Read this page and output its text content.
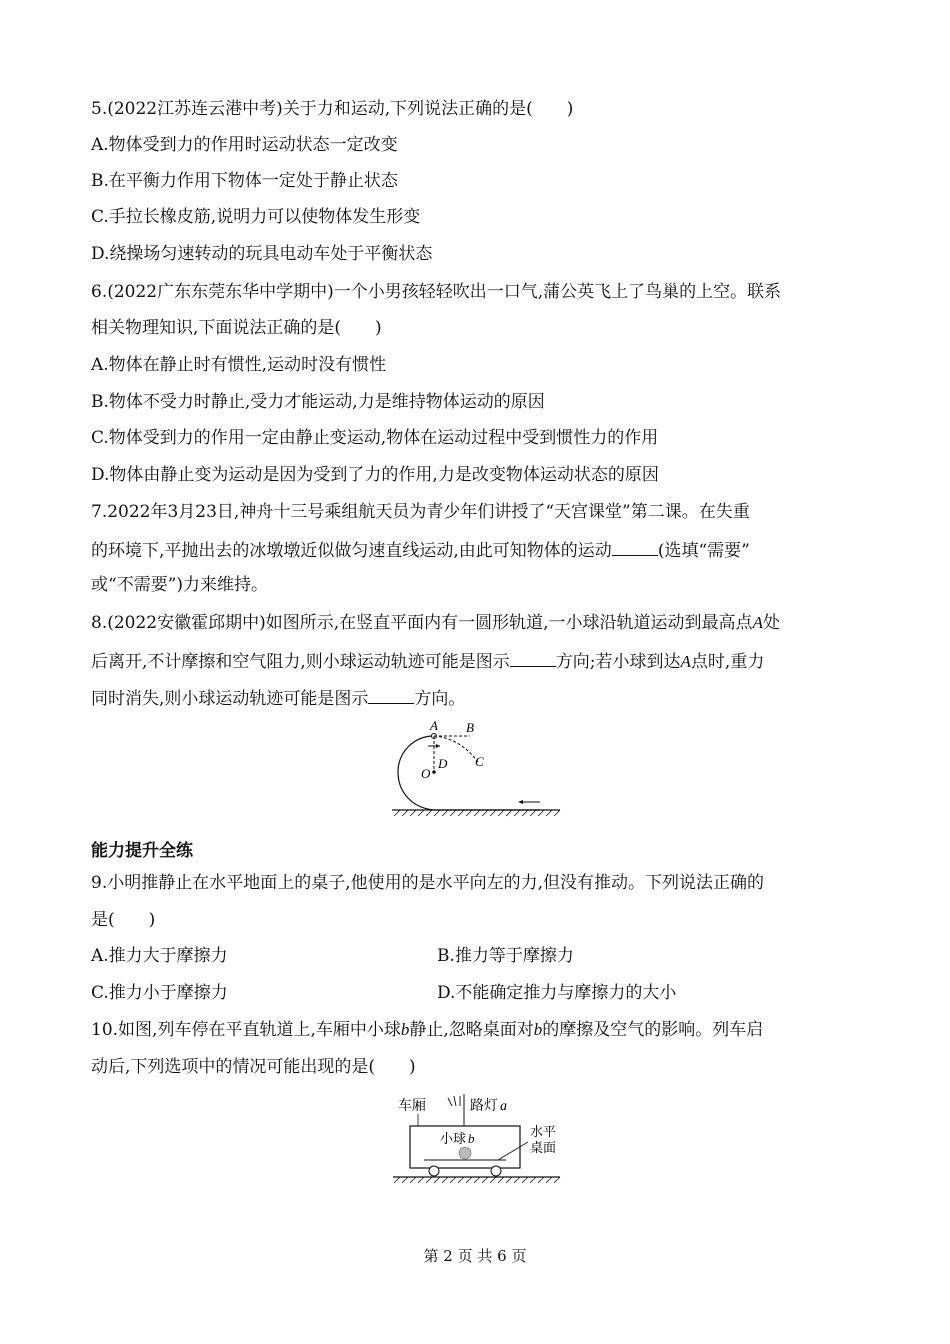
5.(2022江苏连云港中考)关于力和运动,下列说法正确的是(　　)
A.物体受到力的作用时运动状态一定改变
B.在平衡力作用下物体一定处于静止状态
C.手拉长橡皮筋,说明力可以使物体发生形变
D.绕操场匀速转动的玩具电动车处于平衡状态
6.(2022广东东莞东华中学期中)一个小男孩轻轻吹出一口气,蒲公英飞上了鸟巢的上空。联系
相关物理知识,下面说法正确的是(　　)
A.物体在静止时有惯性,运动时没有惯性
B.物体不受力时静止,受力才能运动,力是维持物体运动的原因
C.物体受到力的作用一定由静止变运动,物体在运动过程中受到惯性力的作用
D.物体由静止变为运动是因为受到了力的作用,力是改变物体运动状态的原因
7.2022年3月23日,神舟十三号乘组航天员为青少年们讲授了“天宫课堂”第二课。在失重
的环境下,平抛出去的冰墩墩近似做匀速直线运动,由此可知物体的运动	(选填“需要”
或“不需要”)力来维持。
8.(2022安徽霍邱期中)如图所示,在竖直平面内有一圆形轨道,一小球沿轨道运动到最高点A处
后离开,不计摩擦和空气阻力,则小球运动轨迹可能是图示	方向;若小球到达A点时,重力
同时消失,则小球运动轨迹可能是图示	方向。
A B
C
D
O
能力提升全练
9.小明推静止在水平地面上的桌子,他使用的是水平向左的力,但没有推动。下列说法正确的
是(　　)
A.推力大于摩擦力	B.推力等于摩擦力
C.推力小于摩擦力	D.不能确定推力与摩擦力的大小
10.如图,列车停在平直轨道上,车厢中小球b静止,忽略桌面对b的摩擦及空气的影响。列车启
动后,下列选项中的情况可能出现的是(　　)
车厢	路灯 a
小球 b	水平
桌面
第 2 页 共 6 页
